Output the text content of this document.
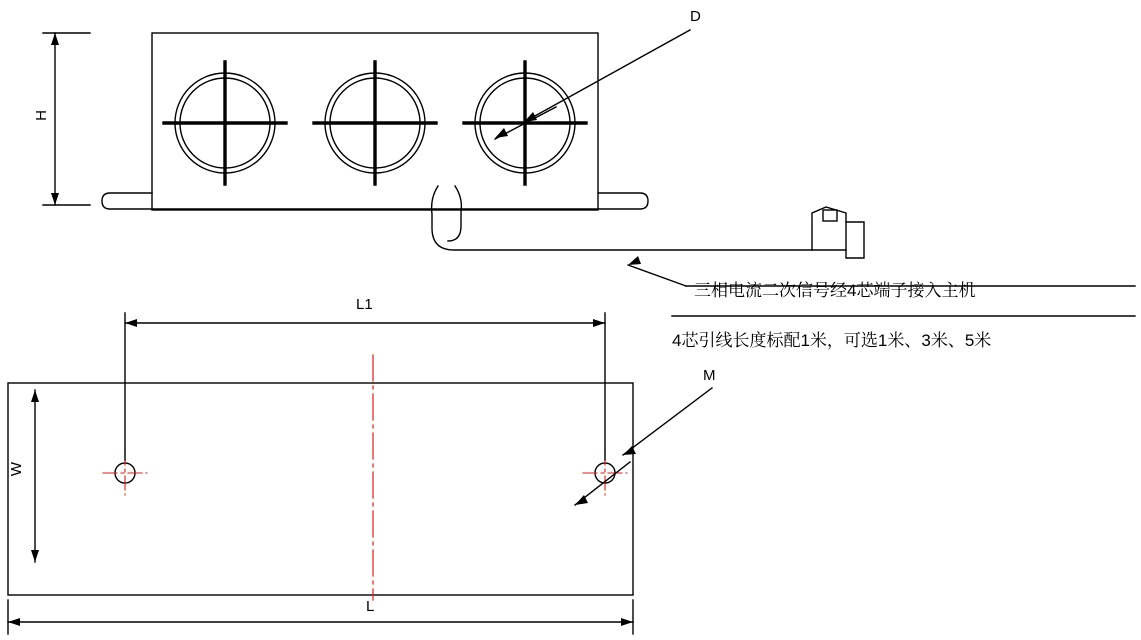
D
H
三相电流二次信号经4芯端子接入主机
4芯引线长度标配1米，可选1米、3米、5米
L1
M
W
L
